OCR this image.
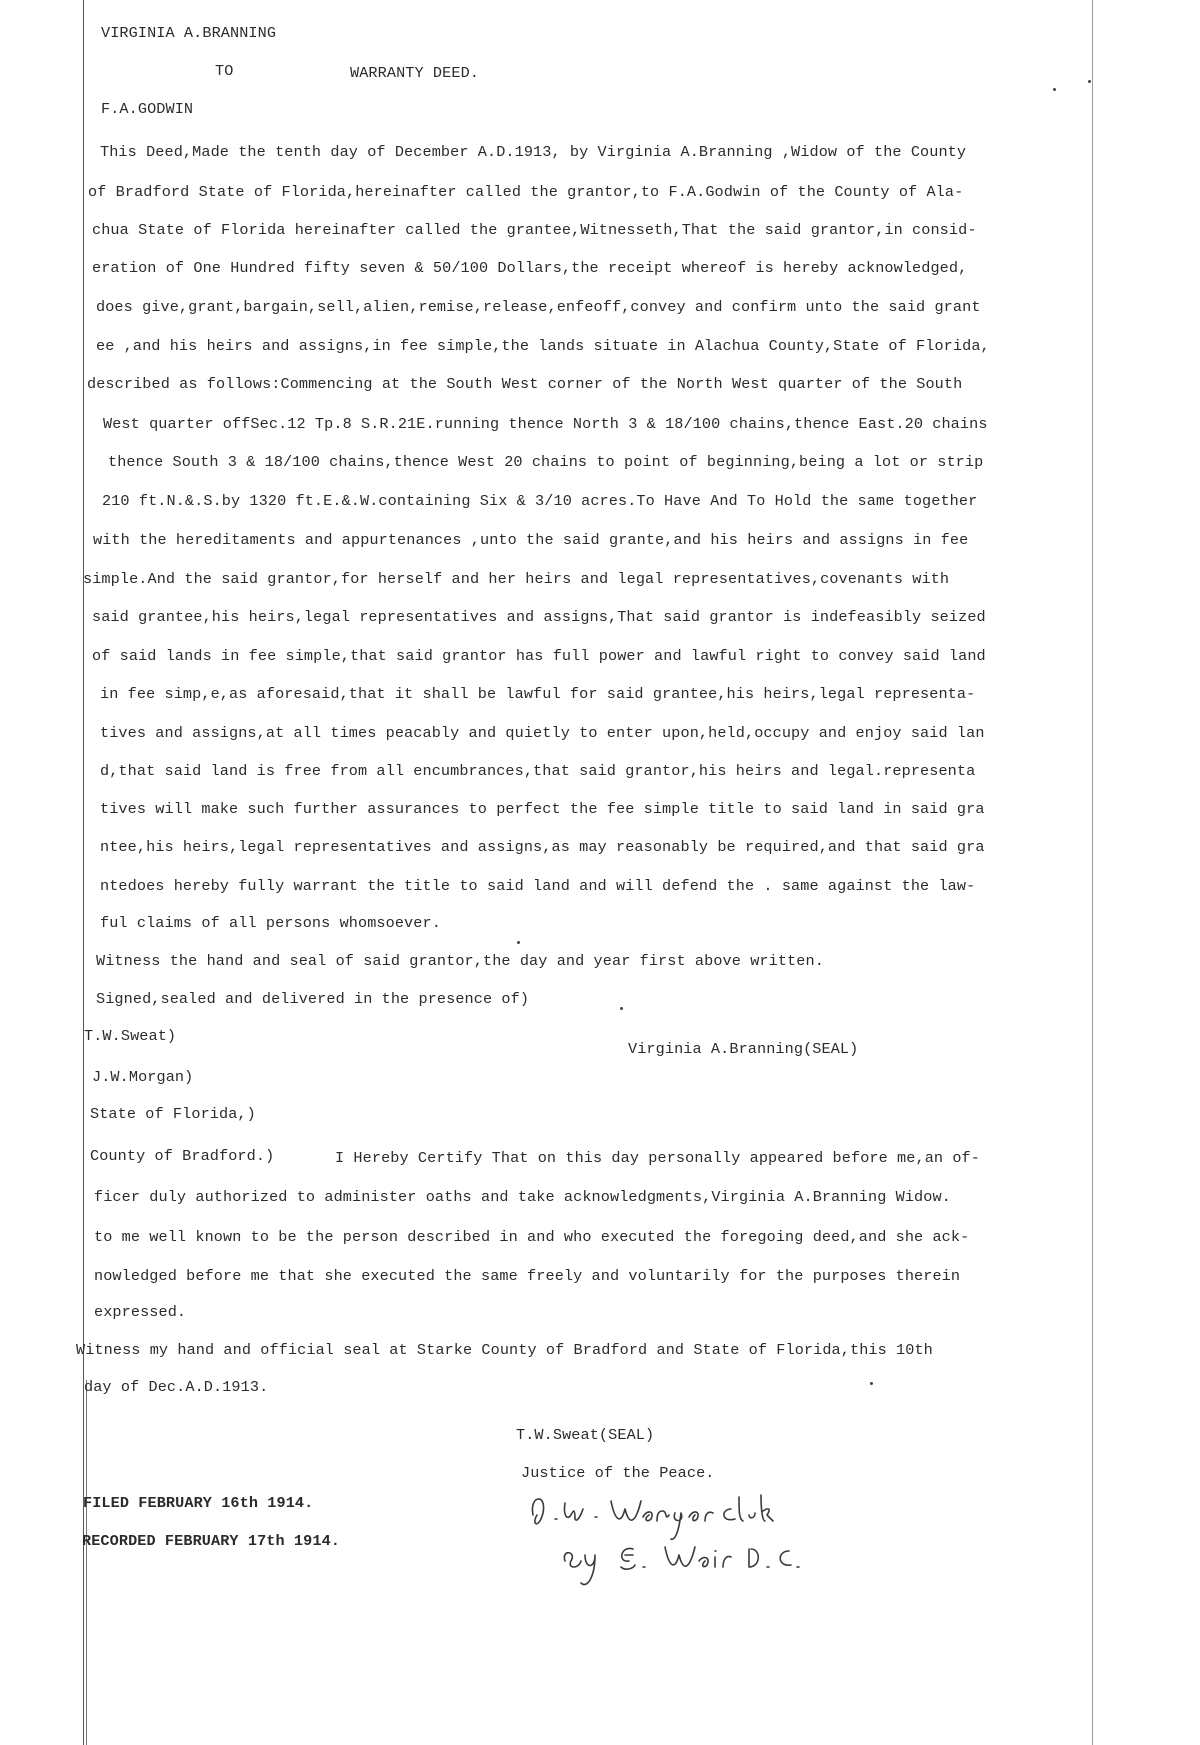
VIRGINIA A.BRANNING
TO	WARRANTY DEED.
F.A.GODWIN
This Deed,Made the tenth day of December A.D.1913, by Virginia A.Branning ,Widow of the County
of Bradford State of Florida,hereinafter called the grantor,to F.A.Godwin of the County of Ala-
chua State of Florida hereinafter called the grantee,Witnesseth,That the said grantor,in consid-
eration of One Hundred fifty seven & 50/100 Dollars,the receipt whereof is hereby acknowledged,
does give,grant,bargain,sell,alien,remise,release,enfeoff,convey and confirm unto the said grant
ee ,and his heirs and assigns,in fee simple,the lands situate in Alachua County,State of Florida,
described as follows:Commencing at the South West corner of the North West quarter of the South
West quarter offSec.12 Tp.8 S.R.21E.running thence North 3 & 18/100 chains,thence East.20 chains
thence South 3 & 18/100 chains,thence West 20 chains to point of beginning,being a lot or strip
210 ft.N.&.S.by 1320 ft.E.&.W.containing Six & 3/10 acres.To Have And To Hold the same together
with the hereditaments and appurtenances ,unto the said grante,and his heirs and assigns in fee
simple.And the said grantor,for herself and her heirs and legal representatives,covenants with
said grantee,his heirs,legal representatives and assigns,That said grantor is indefeasibly seized
of said lands in fee simple,that said grantor has full power and lawful right to convey said land
in fee simp,e,as aforesaid,that it shall be lawful for said grantee,his heirs,legal representa-
tives and assigns,at all times peacably and quietly to enter upon,held,occupy and enjoy said lan
d,that said land is free from all encumbrances,that said grantor,his heirs and legal.representa
tives will make such further assurances to perfect the fee simple title to said land in said gra
ntee,his heirs,legal representatives and assigns,as may reasonably be required,and that said gra
ntedoes hereby fully warrant the title to said land and will defend the . same against the law-
ful claims of all persons whomsoever.
Witness the hand and seal of said grantor,the day and year first above written.
Signed,sealed and delivered in the presence of)
T.W.Sweat)
Virginia A.Branning(SEAL)
J.W.Morgan)
State of Florida,)
County of Bradford.)	I Hereby Certify That on this day personally appeared before me,an of-
ficer duly authorized to administer oaths and take acknowledgments,Virginia A.Branning Widow.
to me well known to be the person described in and who executed the foregoing deed,and she ack-
nowledged before me that she executed the same freely and voluntarily for the purposes therein
expressed.
Witness my hand and official seal at Starke County of Bradford and State of Florida,this 10th
day of Dec.A.D.1913.
T.W.Sweat(SEAL)
Justice of the Peace.
FILED FEBRUARY 16th 1914.
RECORDED FEBRUARY 17th 1914.
